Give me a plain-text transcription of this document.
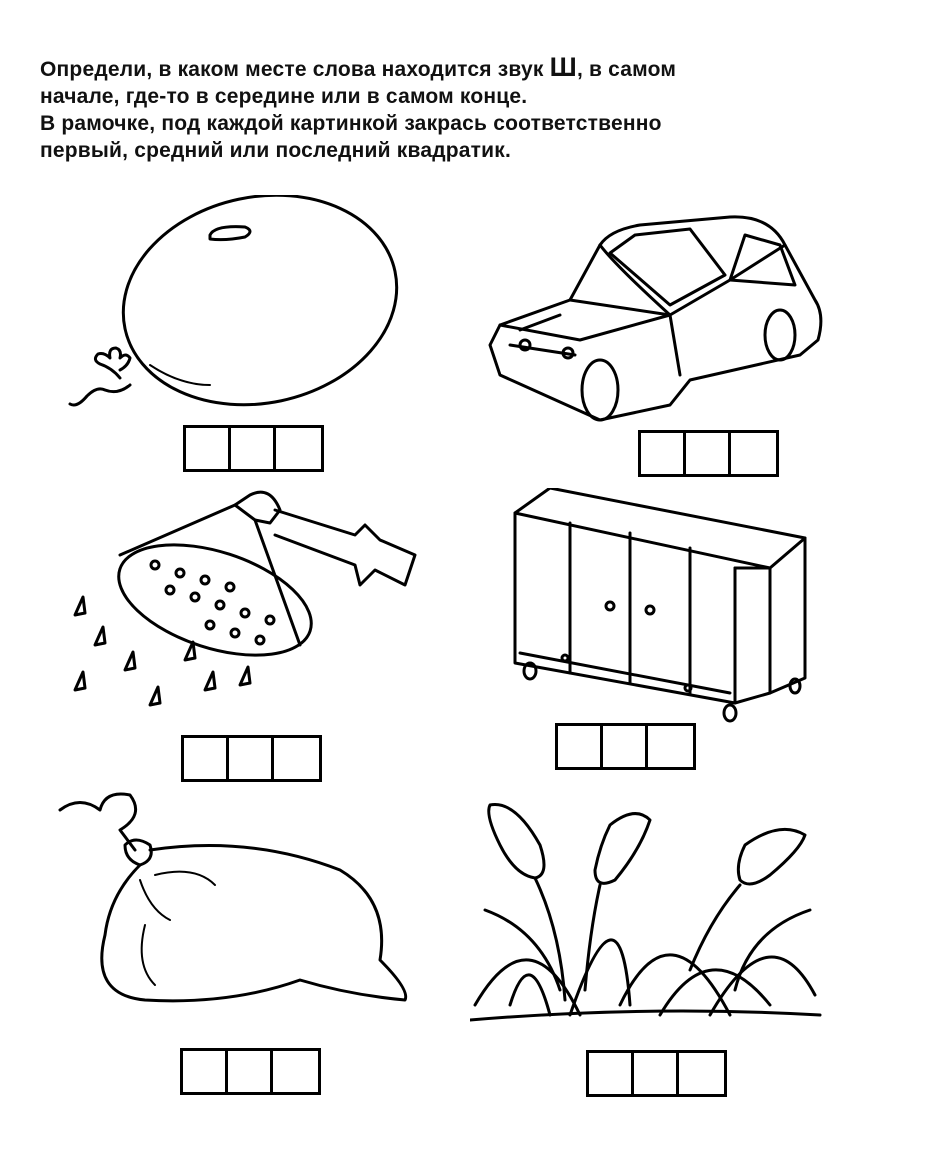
Определи, в каком месте слова находится звук Ш, в самом

начале, где-то в середине или в самом конце.

В рамочке, под каждой картинкой закрась соответственно

первый, средний или последний квадратик.
